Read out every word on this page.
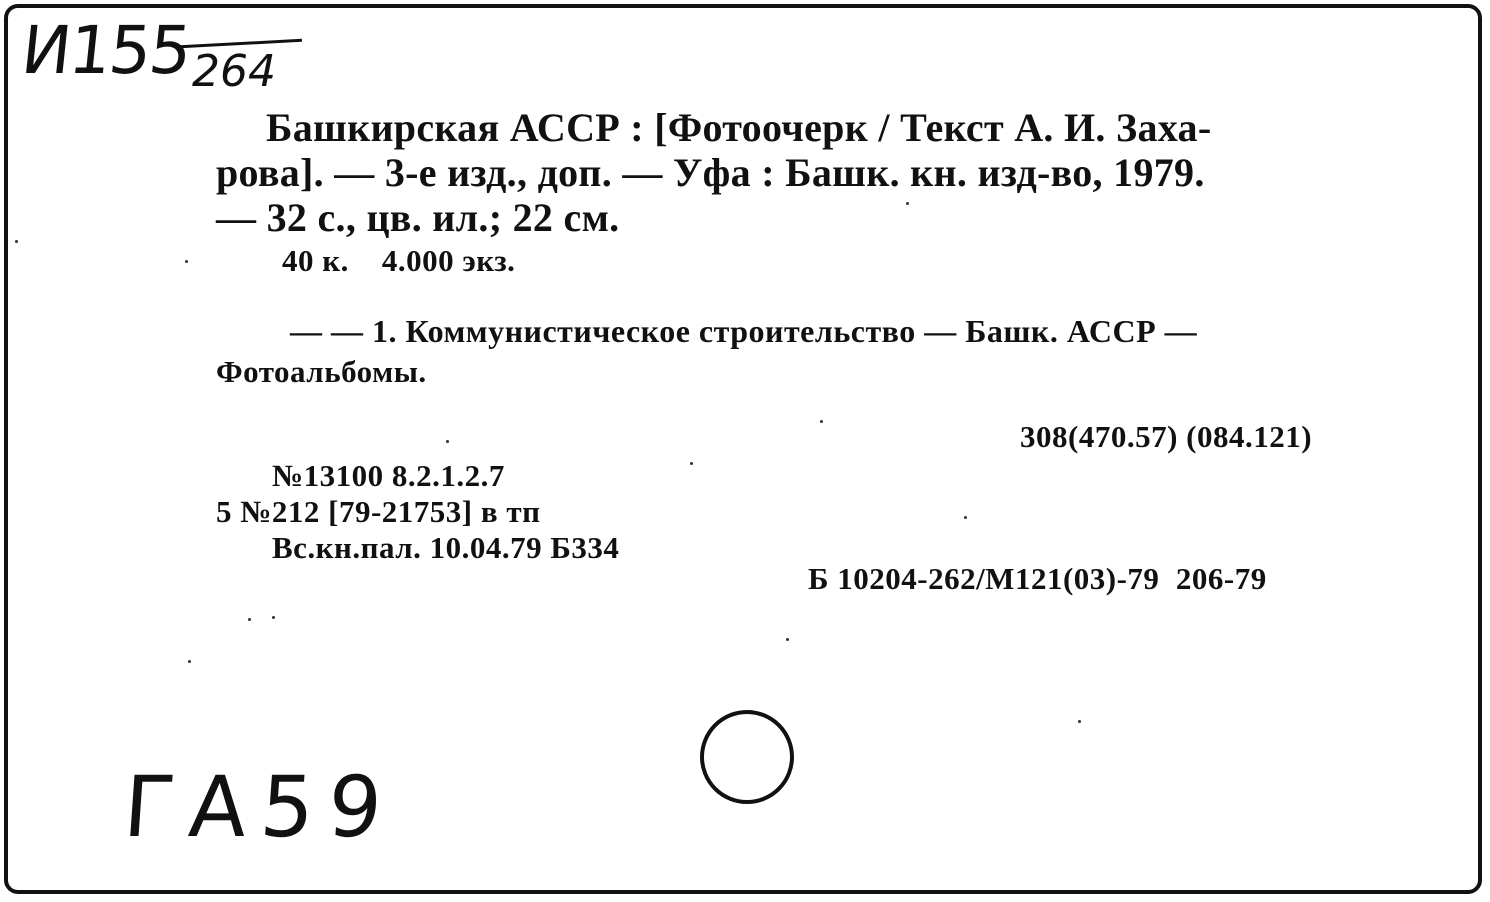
И155
264
Башкирская АССР : [Фотоочерк / Текст А. И. Заха-
рова]. — 3-е изд., доп. — Уфа : Башк. кн. изд-во, 1979.
— 32 с., цв. ил.; 22 см.
40 к.    4.000 экз.
— — 1. Коммунистическое строительство — Башк. АССР —
Фотоальбомы.
308(470.57) (084.121)
№13100 8.2.1.2.7
5 №212 [79-21753] в тп
Вс.кн.пал. 10.04.79 Б334
Б 10204-262/М121(03)-79  206-79
ГА59
